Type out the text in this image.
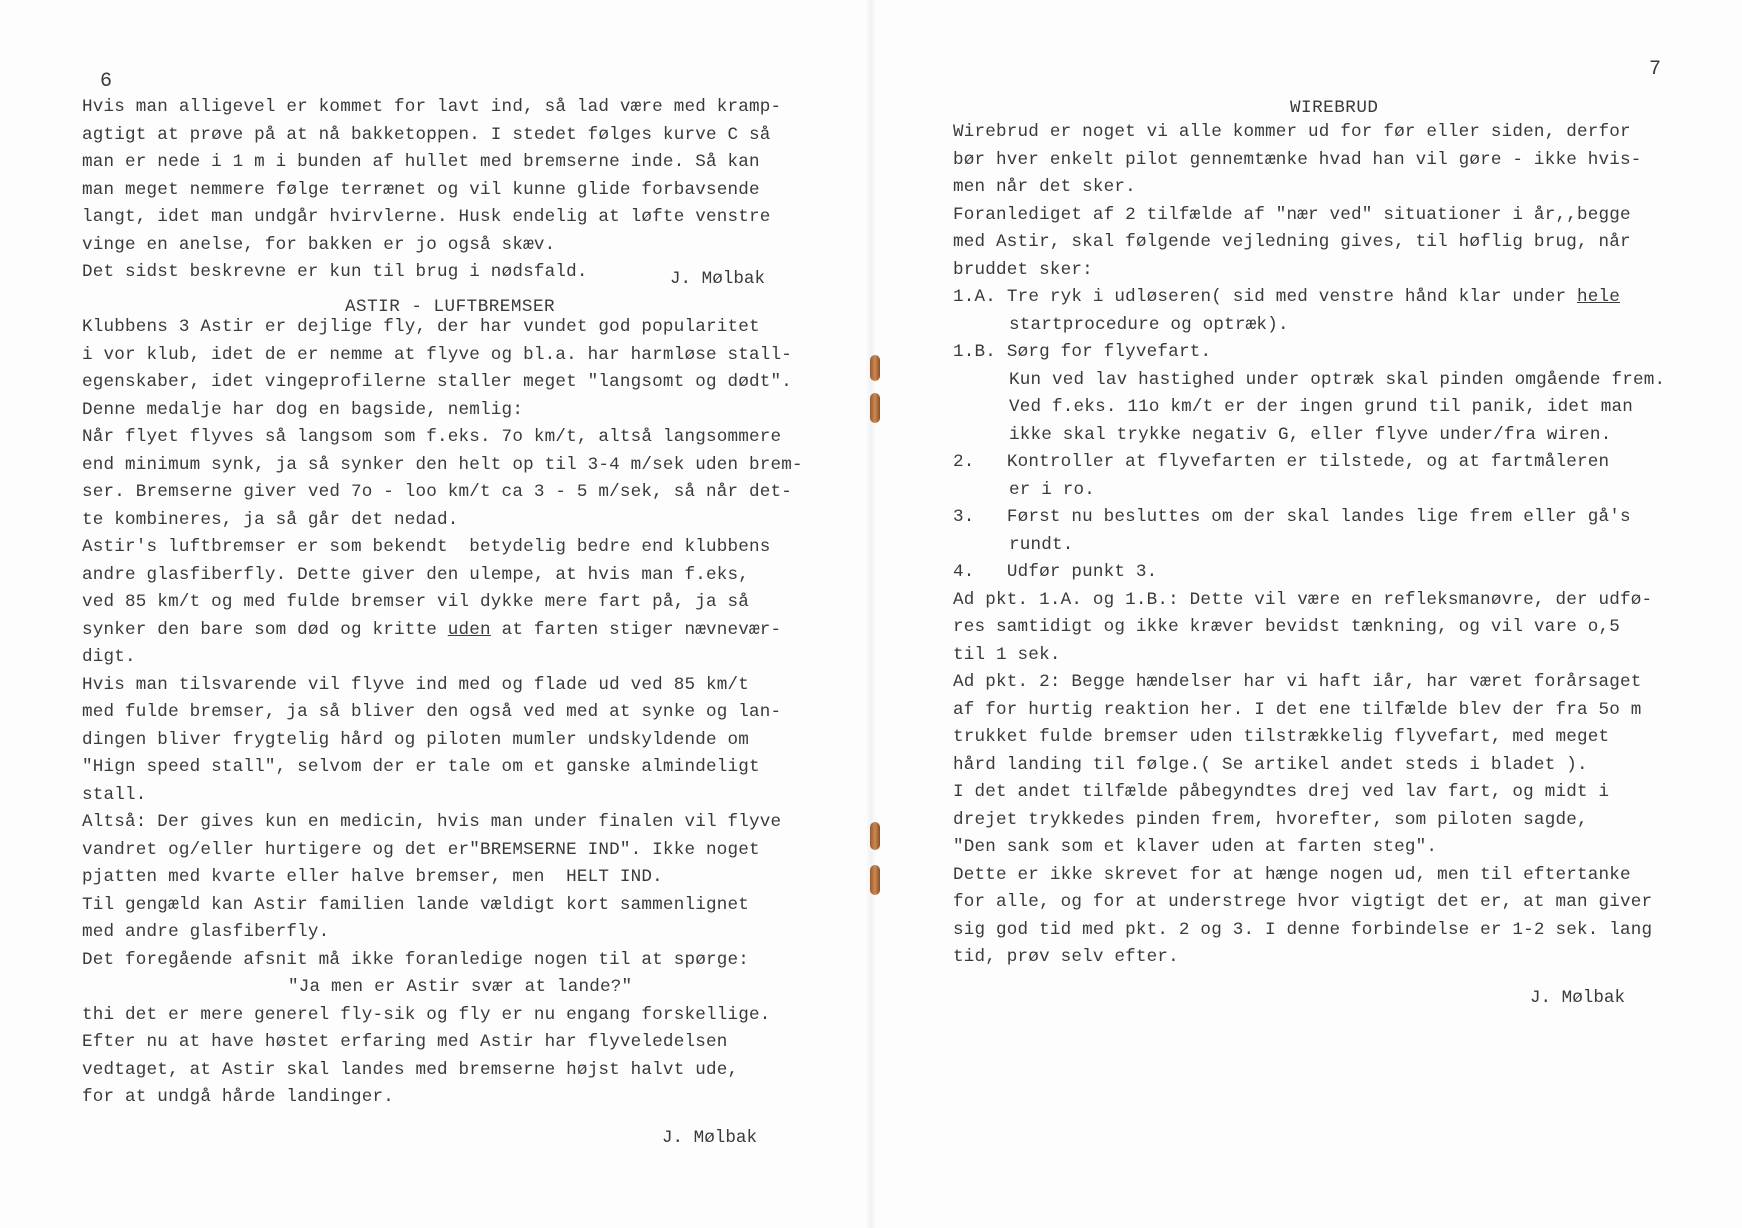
6
Hvis man alligevel er kommet for lavt ind, så lad være med kramp-
agtigt at prøve på at nå bakketoppen. I stedet følges kurve C så
man er nede i 1 m i bunden af hullet med bremserne inde. Så kan
man meget nemmere følge terrænet og vil kunne glide forbavsende
langt, idet man undgår hvirvlerne. Husk endelig at løfte venstre
vinge en anelse, for bakken er jo også skæv.
Det sidst beskrevne er kun til brug i nødsfald.
Klubbens 3 Astir er dejlige fly, der har vundet god popularitet
i vor klub, idet de er nemme at flyve og bl.a. har harmløse stall-
egenskaber, idet vingeprofilerne staller meget "langsomt og dødt".
Denne medalje har dog en bagside, nemlig:
Når flyet flyves så langsom som f.eks. 7o km/t, altså langsommere
end minimum synk, ja så synker den helt op til 3-4 m/sek uden brem-
ser. Bremserne giver ved 7o - loo km/t ca 3 - 5 m/sek, så når det-
te kombineres, ja så går det nedad.
Astir's luftbremser er som bekendt  betydelig bedre end klubbens
andre glasfiberfly. Dette giver den ulempe, at hvis man f.eks,
ved 85 km/t og med fulde bremser vil dykke mere fart på, ja så
synker den bare som død og kritte uden at farten stiger nævnevær-
digt.
Hvis man tilsvarende vil flyve ind med og flade ud ved 85 km/t
med fulde bremser, ja så bliver den også ved med at synke og lan-
dingen bliver frygtelig hård og piloten mumler undskyldende om
"Hign speed stall", selvom der er tale om et ganske almindeligt
stall.
Altså: Der gives kun en medicin, hvis man under finalen vil flyve
vandret og/eller hurtigere og det er"BREMSERNE IND". Ikke noget
pjatten med kvarte eller halve bremser, men  HELT IND.
Til gengæld kan Astir familien lande vældigt kort sammenlignet
med andre glasfiberfly.
Det foregående afsnit må ikke foranledige nogen til at spørge:
"Ja men er Astir svær at lande?"
thi det er mere generel fly-sik og fly er nu engang forskellige.
Efter nu at have høstet erfaring med Astir har flyveledelsen
vedtaget, at Astir skal landes med bremserne højst halvt ude,
for at undgå hårde landinger.
J. Mølbak
ASTIR - LUFTBREMSER
J. Mølbak
7
WIREBRUD
Wirebrud er noget vi alle kommer ud for før eller siden, derfor
bør hver enkelt pilot gennemtænke hvad han vil gøre - ikke hvis-
men når det sker.
Foranlediget af 2 tilfælde af "nær ved" situationer i år,,begge
med Astir, skal følgende vejledning gives, til høflig brug, når
bruddet sker:
1.A. Tre ryk i udløseren( sid med venstre hånd klar under hele
startprocedure og optræk).
1.B. Sørg for flyvefart.
Kun ved lav hastighed under optræk skal pinden omgående frem.
Ved f.eks. 11o km/t er der ingen grund til panik, idet man
ikke skal trykke negativ G, eller flyve under/fra wiren.
2. Kontroller at flyvefarten er tilstede, og at fartmåleren
er i ro.
3. Først nu besluttes om der skal landes lige frem eller gå's
rundt.
4. Udfør punkt 3.
Ad pkt. 1.A. og 1.B.: Dette vil være en refleksmanøvre, der udfø-
res samtidigt og ikke kræver bevidst tænkning, og vil vare o,5
til 1 sek.
Ad pkt. 2: Begge hændelser har vi haft iår, har været forårsaget
af for hurtig reaktion her. I det ene tilfælde blev der fra 5o m
trukket fulde bremser uden tilstrækkelig flyvefart, med meget
hård landing til følge.( Se artikel andet steds i bladet ).
I det andet tilfælde påbegyndtes drej ved lav fart, og midt i
drejet trykkedes pinden frem, hvorefter, som piloten sagde,
"Den sank som et klaver uden at farten steg".
Dette er ikke skrevet for at hænge nogen ud, men til eftertanke
for alle, og for at understrege hvor vigtigt det er, at man giver
sig god tid med pkt. 2 og 3. I denne forbindelse er 1-2 sek. lang
tid, prøv selv efter.
J. Mølbak
